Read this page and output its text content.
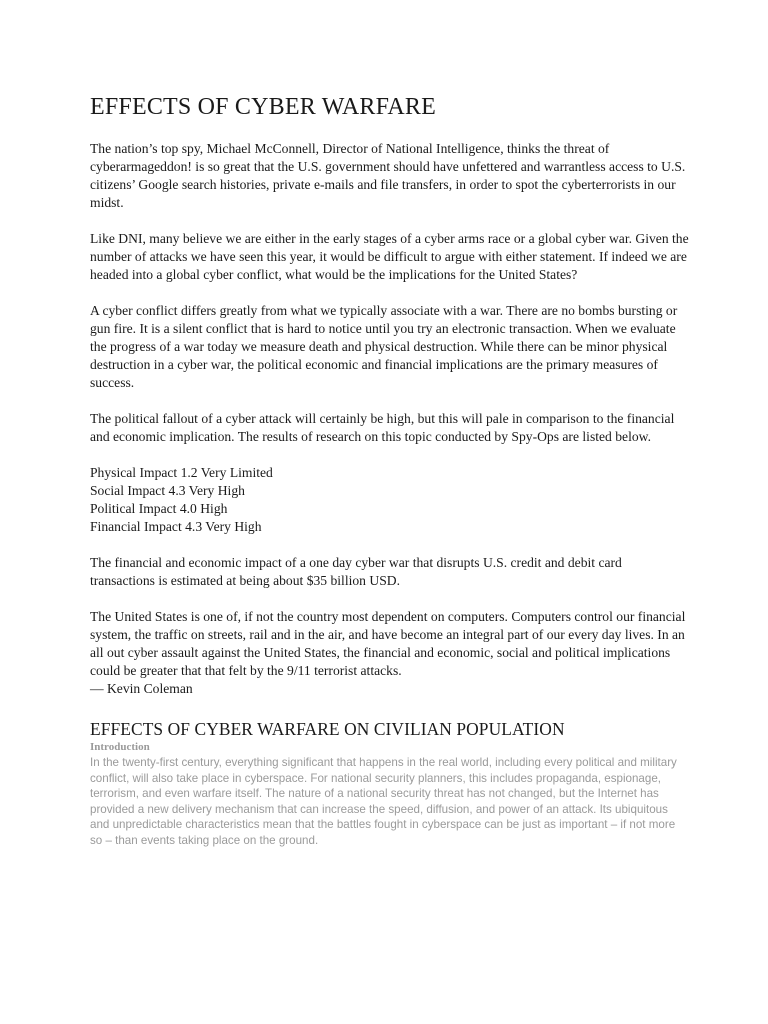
EFFECTS OF CYBER WARFARE

The nation’s top spy, Michael McConnell, Director of National Intelligence, thinks the threat of cyberarmageddon! is so great that the U.S. government should have unfettered and warrantless access to U.S. citizens’ Google search histories, private e-mails and file transfers, in order to spot the cyberterrorists in our midst.

Like DNI, many believe we are either in the early stages of a cyber arms race or a global cyber war. Given the number of attacks we have seen this year, it would be difficult to argue with either statement. If indeed we are headed into a global cyber conflict, what would be the implications for the United States?

A cyber conflict differs greatly from what we typically associate with a war. There are no bombs bursting or gun fire. It is a silent conflict that is hard to notice until you try an electronic transaction. When we evaluate the progress of a war today we measure death and physical destruction. While there can be minor physical destruction in a cyber war, the political economic and financial implications are the primary measures of success.

The political fallout of a cyber attack will certainly be high, but this will pale in comparison to the financial and economic implication. The results of research on this topic conducted by Spy-Ops are listed below.

Physical Impact 1.2 Very Limited
Social Impact 4.3 Very High
Political Impact 4.0 High
Financial Impact 4.3 Very High

The financial and economic impact of a one day cyber war that disrupts U.S. credit and debit card transactions is estimated at being about $35 billion USD.

The United States is one of, if not the country most dependent on computers. Computers control our financial system, the traffic on streets, rail and in the air, and have become an integral part of our every day lives. In an all out cyber assault against the United States, the financial and economic, social and political implications could be greater that that felt by the 9/11 terrorist attacks.

— Kevin Coleman
EFFECTS OF CYBER WARFARE ON CIVILIAN POPULATION
Introduction

In the twenty-first century, everything significant that happens in the real world, including every political and military conflict, will also take place in cyberspace. For national security planners, this includes propaganda, espionage, terrorism, and even warfare itself. The nature of a national security threat has not changed, but the Internet has provided a new delivery mechanism that can increase the speed, diffusion, and power of an attack. Its ubiquitous and unpredictable characteristics mean that the battles fought in cyberspace can be just as important – if not more so – than events taking place on the ground.
